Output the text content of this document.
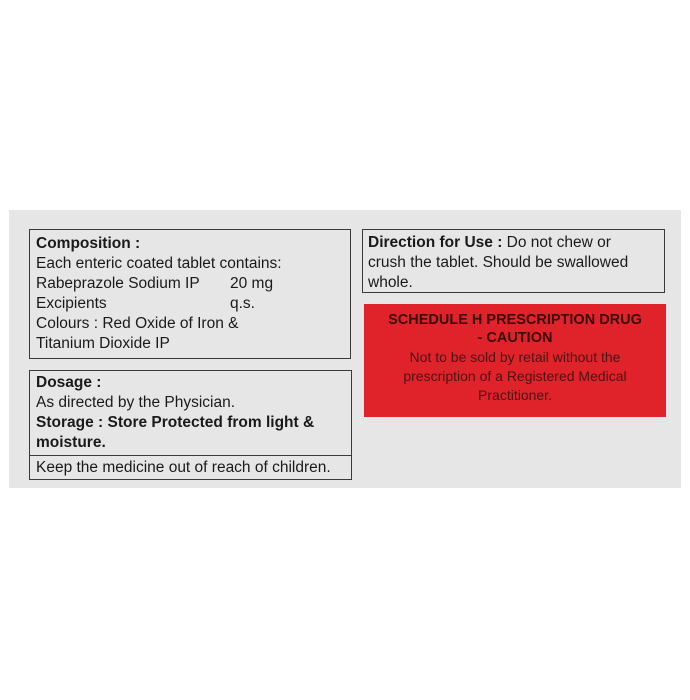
Composition :
Each enteric coated tablet contains:
Rabeprazole Sodium IP	20 mg
Excipients	q.s.
Colours : Red Oxide of Iron &
Titanium Dioxide IP
Dosage :
As directed by the Physician.
Storage : Store Protected from light &
moisture.
Keep the medicine out of reach of children.
Direction for Use : Do not chew or
crush the tablet. Should be swallowed
whole.
SCHEDULE H PRESCRIPTION DRUG
- CAUTION
Not to be sold by retail without the
prescription of a Registered Medical
Practitioner.
